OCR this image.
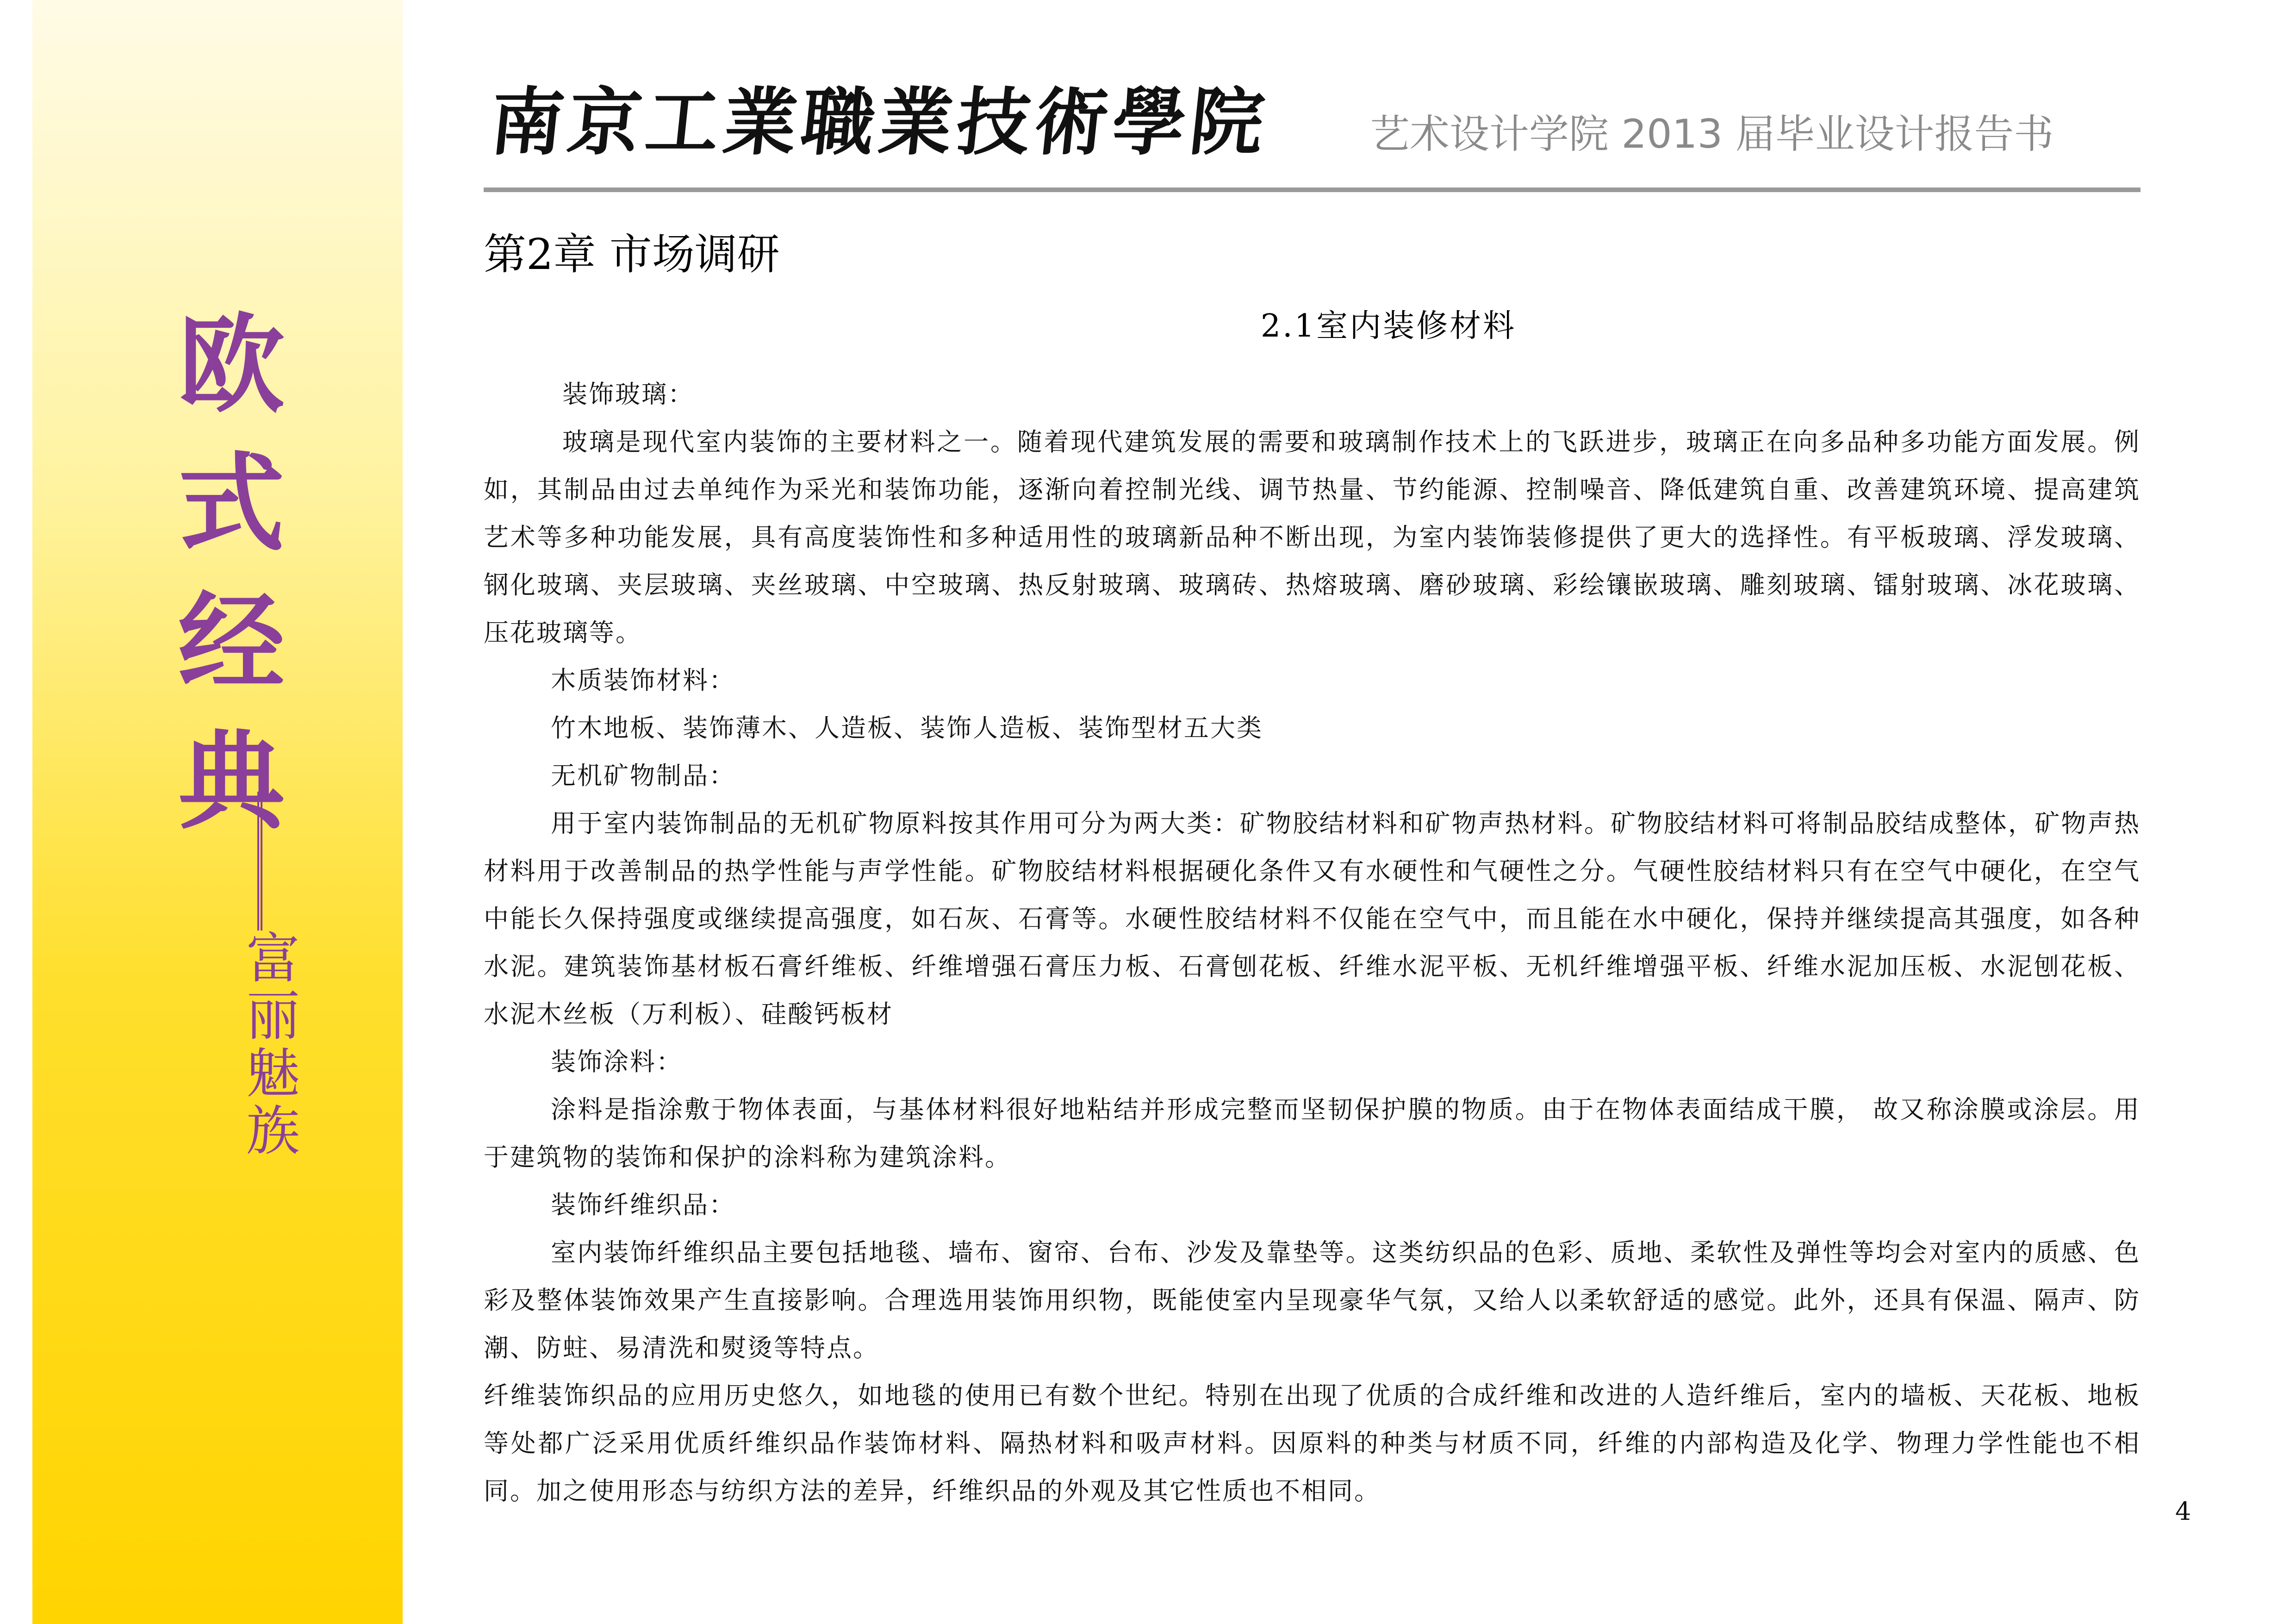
欧
式
经
典
富
丽
魅
族
南京工業職業技術學院 艺术设计学院 2013 届毕业设计报告书
第2章 市场调研
2.1室内装修材料

装饰玻璃：

玻璃是现代室内装饰的主要材料之一。随着现代建筑发展的需要和玻璃制作技术上的飞跃进步，玻璃正在向多品种多功能方面发展。例如，其制品由过去单纯作为采光和装饰功能，逐渐向着控制光线、调节热量、节约能源、控制噪音、降低建筑自重、改善建筑环境、提高建筑艺术等多种功能发展，具有高度装饰性和多种适用性的玻璃新品种不断出现，为室内装饰装修提供了更大的选择性。有平板玻璃、浮发玻璃、钢化玻璃、夹层玻璃、夹丝玻璃、中空玻璃、热反射玻璃、玻璃砖、热熔玻璃、磨砂玻璃、彩绘镶嵌玻璃、雕刻玻璃、镭射玻璃、冰花玻璃、压花玻璃等。

木质装饰材料：

竹木地板、装饰薄木、人造板、装饰人造板、装饰型材五大类

无机矿物制品：

用于室内装饰制品的无机矿物原料按其作用可分为两大类：矿物胶结材料和矿物声热材料。矿物胶结材料可将制品胶结成整体，矿物声热材料用于改善制品的热学性能与声学性能。矿物胶结材料根据硬化条件又有水硬性和气硬性之分。气硬性胶结材料只有在空气中硬化，在空气中能长久保持强度或继续提高强度，如石灰、石膏等。水硬性胶结材料不仅能在空气中，而且能在水中硬化，保持并继续提高其强度，如各种水泥。建筑装饰基材板石膏纤维板、纤维增强石膏压力板、石膏刨花板、纤维水泥平板、无机纤维增强平板、纤维水泥加压板、水泥刨花板、水泥木丝板（万利板）、硅酸钙板材

装饰涂料：

涂料是指涂敷于物体表面，与基体材料很好地粘结并形成完整而坚韧保护膜的物质。由于在物体表面结成干膜， 故又称涂膜或涂层。用于建筑物的装饰和保护的涂料称为建筑涂料。

装饰纤维织品：

室内装饰纤维织品主要包括地毯、墙布、窗帘、台布、沙发及靠垫等。这类纺织品的色彩、质地、柔软性及弹性等均会对室内的质感、色彩及整体装饰效果产生直接影响。合理选用装饰用织物，既能使室内呈现豪华气氛，又给人以柔软舒适的感觉。此外，还具有保温、隔声、防潮、防蛀、易清洗和熨烫等特点。

纤维装饰织品的应用历史悠久，如地毯的使用已有数个世纪。特别在出现了优质的合成纤维和改进的人造纤维后，室内的墙板、天花板、地板等处都广泛采用优质纤维织品作装饰材料、隔热材料和吸声材料。因原料的种类与材质不同，纤维的内部构造及化学、物理力学性能也不相同。加之使用形态与纺织方法的差异，纤维织品的外观及其它性质也不相同。

4
